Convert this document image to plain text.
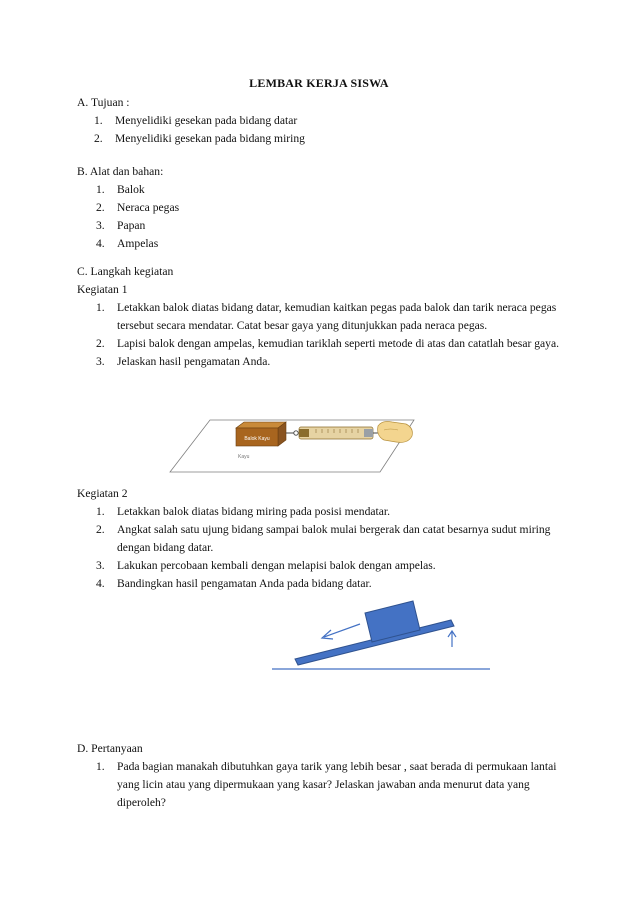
LEMBAR KERJA SISWA
A. Tujuan :
1. Menyelidiki gesekan pada bidang datar
2. Menyelidiki gesekan pada bidang miring
B. Alat dan bahan:
1. Balok
2. Neraca pegas
3. Papan
4. Ampelas
C. Langkah kegiatan
Kegiatan 1
1. Letakkan balok diatas bidang datar, kemudian kaitkan pegas pada balok dan tarik neraca pegas tersebut secara mendatar. Catat besar gaya yang ditunjukkan pada neraca pegas.
2. Lapisi balok dengan ampelas, kemudian tariklah seperti metode di atas dan catatlah besar gaya.
3. Jelaskan hasil pengamatan Anda.
Balok Kayu
Kayu
Kegiatan 2
1. Letakkan balok diatas bidang miring pada posisi mendatar.
2. Angkat salah satu ujung bidang sampai balok mulai bergerak dan catat besarnya sudut miring dengan bidang datar.
3. Lakukan percobaan kembali dengan melapisi balok dengan ampelas.
4. Bandingkan hasil pengamatan Anda pada bidang datar.
D. Pertanyaan
1. Pada bagian manakah dibutuhkan gaya tarik yang lebih besar , saat berada di permukaan lantai yang licin atau yang dipermukaan yang kasar? Jelaskan jawaban anda menurut data yang diperoleh?
